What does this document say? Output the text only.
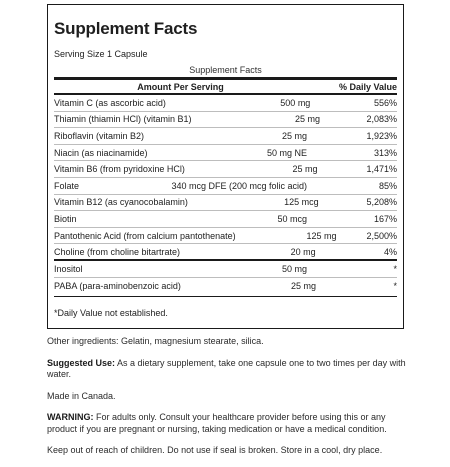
Supplement Facts
Serving Size 1 Capsule
Supplement Facts
Amount Per Serving	% Daily Value
Vitamin C (as ascorbic acid)	500 mg	556%
Thiamin (thiamin HCl) (vitamin B1)	25 mg	2,083%
Riboflavin (vitamin B2)	25 mg	1,923%
Niacin (as niacinamide)	50 mg NE	313%
Vitamin B6 (from pyridoxine HCl)	25 mg	1,471%
Folate	340 mcg DFE (200 mcg folic acid)	85%
Vitamin B12 (as cyanocobalamin)	125 mcg	5,208%
Biotin	50 mcg	167%
Pantothenic Acid (from calcium pantothenate)	125 mg	2,500%
Choline (from choline bitartrate)	20 mg	4%
Inositol	50 mg	*
PABA (para-aminobenzoic acid)	25 mg	*
*Daily Value not established.

Other ingredients: Gelatin, magnesium stearate, silica.

Suggested Use: As a dietary supplement, take one capsule one to two times per day with water.

Made in Canada.

WARNING: For adults only. Consult your healthcare provider before using this or any product if you are pregnant or nursing, taking medication or have a medical condition.

Keep out of reach of children. Do not use if seal is broken. Store in a cool, dry place.
